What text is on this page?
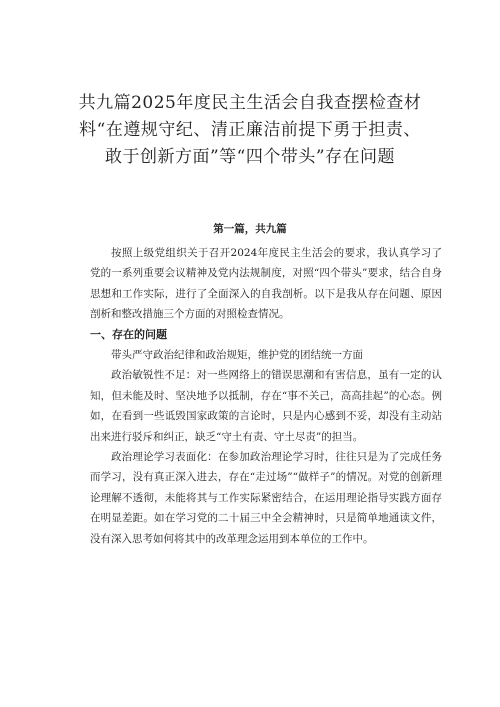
共九篇2025年度民主生活会自我查摆检查材
料“在遵规守纪、清正廉洁前提下勇于担责、
敢于创新方面”等“四个带头”存在问题
第一篇，共九篇

按照上级党组织关于召开2024年度民主生活会的要求，我认真学习了党的一系列重要会议精神及党内法规制度，对照“四个带头”要求，结合自身思想和工作实际，进行了全面深入的自我剖析。以下是我从存在问题、原因剖析和整改措施三个方面的对照检查情况。

一、存在的问题

带头严守政治纪律和政治规矩，维护党的团结统一方面

政治敏锐性不足：对一些网络上的错误思潮和有害信息，虽有一定的认知，但未能及时、坚决地予以抵制，存在“事不关己，高高挂起”的心态。例如，在看到一些诋毁国家政策的言论时，只是内心感到不妥，却没有主动站出来进行驳斥和纠正，缺乏“守土有责、守土尽责”的担当。

政治理论学习表面化：在参加政治理论学习时，往往只是为了完成任务而学习，没有真正深入进去，存在“走过场”“做样子”的情况。对党的创新理论理解不透彻，未能将其与工作实际紧密结合，在运用理论指导实践方面存在明显差距。如在学习党的二十届三中全会精神时，只是简单地通读文件，没有深入思考如何将其中的改革理念运用到本单位的工作中。
